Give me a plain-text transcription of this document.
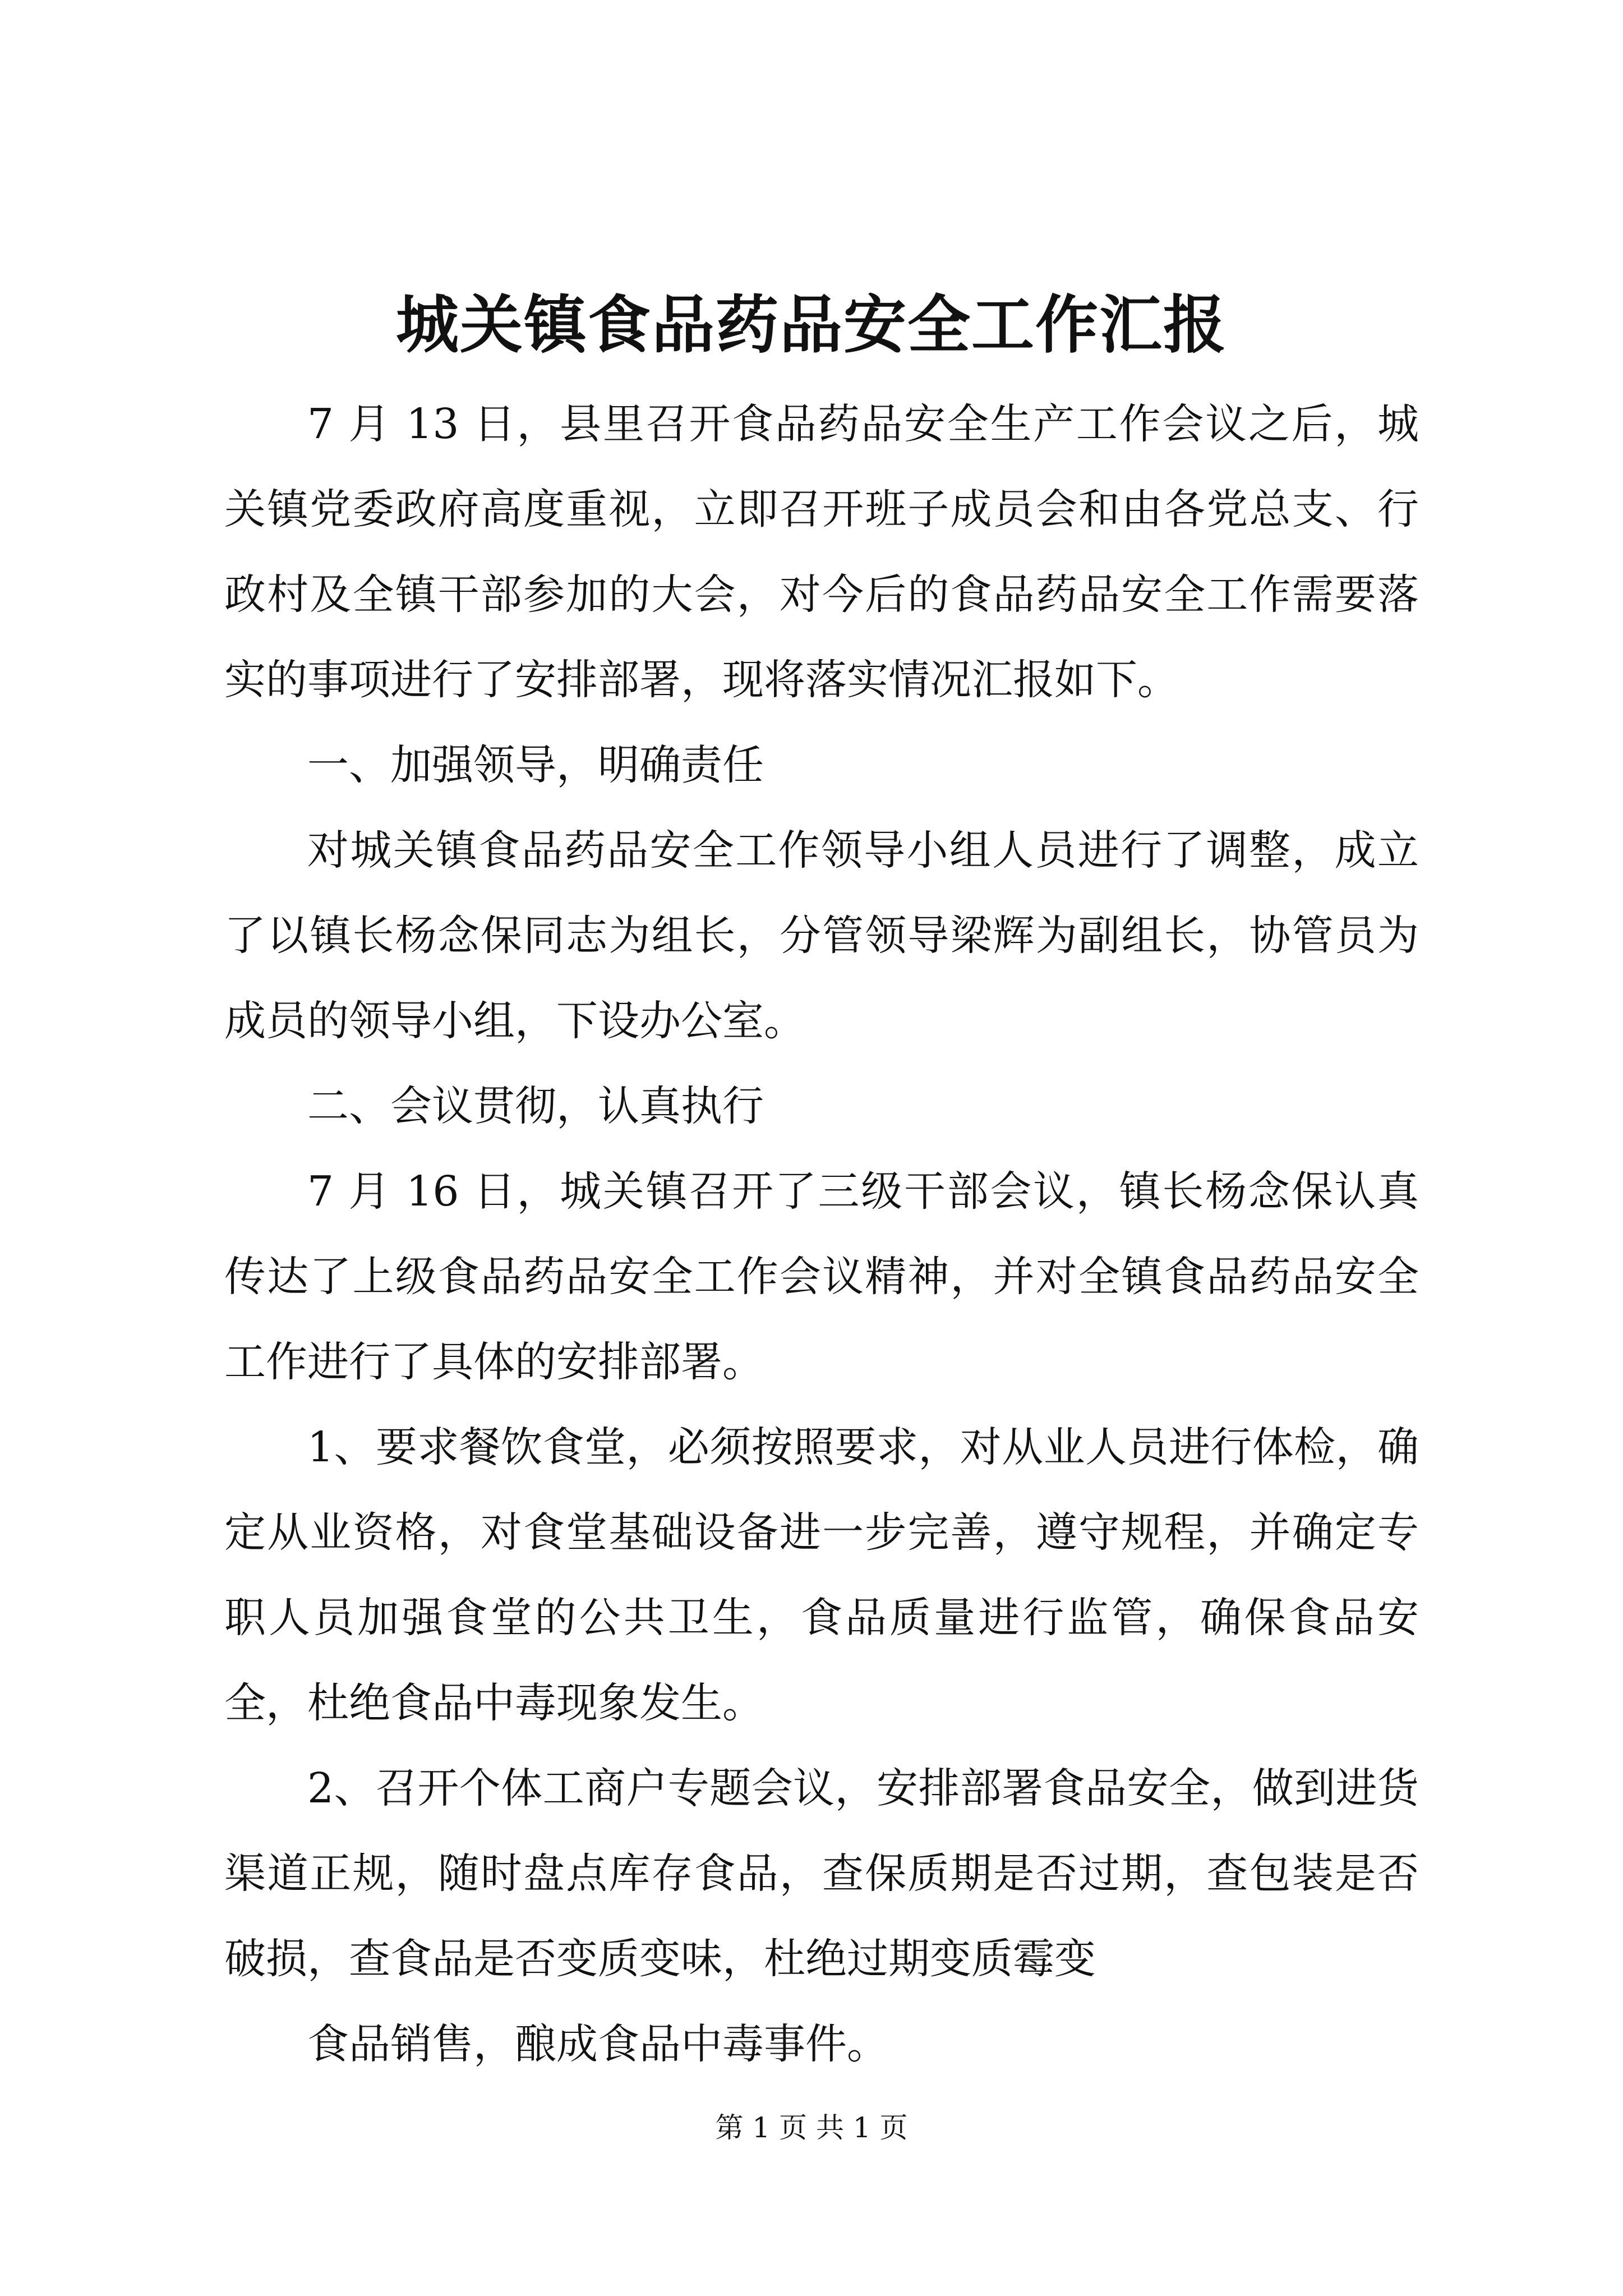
城关镇食品药品安全工作汇报

7 月 13 日，县里召开食品药品安全生产工作会议之后，城关镇党委政府高度重视，立即召开班子成员会和由各党总支、行政村及全镇干部参加的大会，对今后的食品药品安全工作需要落实的事项进行了安排部署，现将落实情况汇报如下。

一、加强领导，明确责任

对城关镇食品药品安全工作领导小组人员进行了调整，成立了以镇长杨念保同志为组长，分管领导梁辉为副组长，协管员为成员的领导小组，下设办公室。

二、会议贯彻，认真执行

7 月 16 日，城关镇召开了三级干部会议，镇长杨念保认真传达了上级食品药品安全工作会议精神，并对全镇食品药品安全工作进行了具体的安排部署。

1、要求餐饮食堂，必须按照要求，对从业人员进行体检，确定从业资格，对食堂基础设备进一步完善，遵守规程，并确定专职人员加强食堂的公共卫生，食品质量进行监管，确保食品安全，杜绝食品中毒现象发生。

2、召开个体工商户专题会议，安排部署食品安全，做到进货渠道正规，随时盘点库存食品，查保质期是否过期，查包装是否破损，查食品是否变质变味，杜绝过期变质霉变

食品销售，酿成食品中毒事件。

第 1 页 共 1 页
